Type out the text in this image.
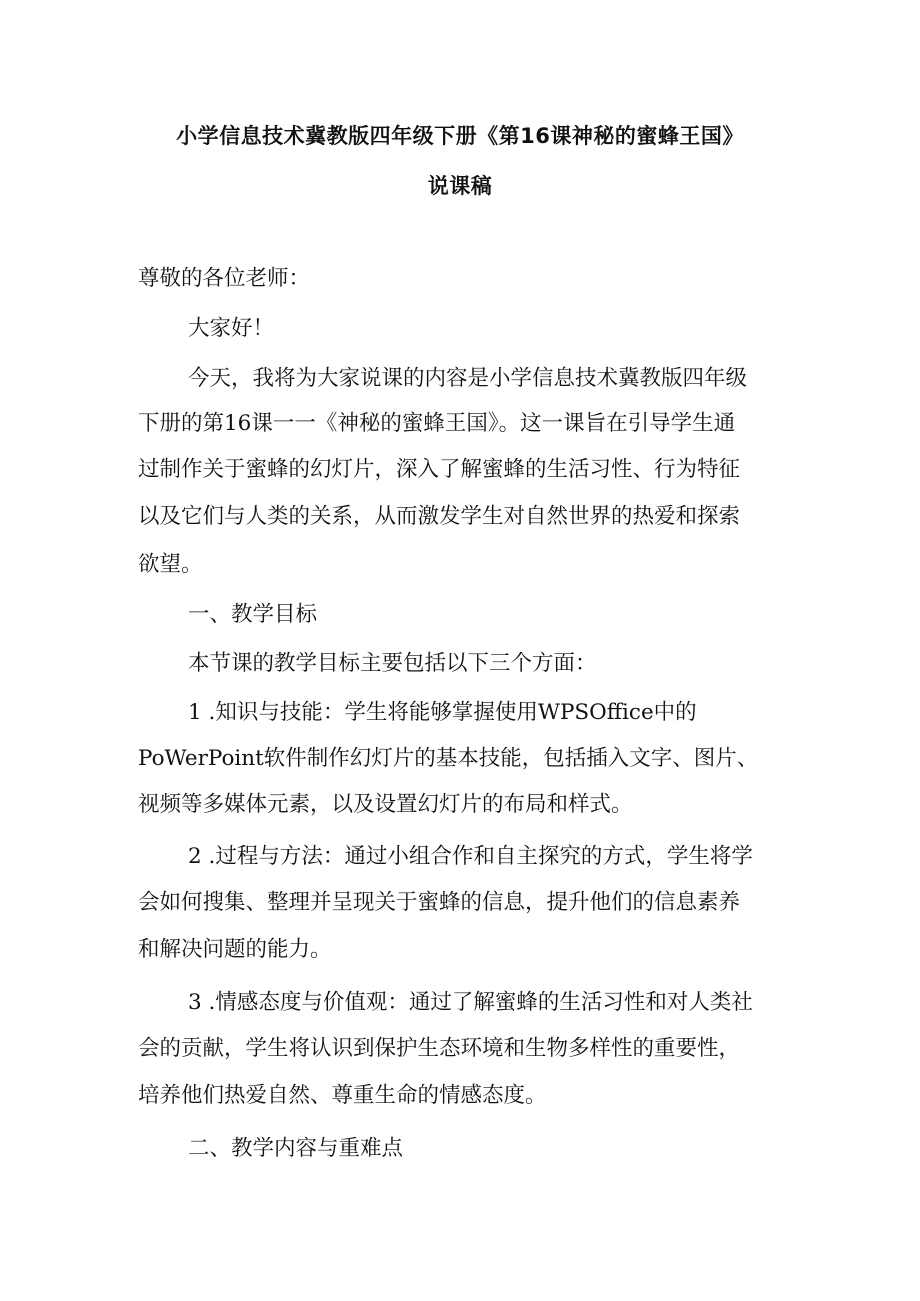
小学信息技术冀教版四年级下册《第16课神秘的蜜蜂王国》
说课稿
尊敬的各位老师：
大家好！
今天，我将为大家说课的内容是小学信息技术冀教版四年级
下册的第16课一一《神秘的蜜蜂王国》。这一课旨在引导学生通
过制作关于蜜蜂的幻灯片，深入了解蜜蜂的生活习性、行为特征
以及它们与人类的关系，从而激发学生对自然世界的热爱和探索
欲望。
一、教学目标
本节课的教学目标主要包括以下三个方面：
1 .知识与技能：学生将能够掌握使用WPSOffice中的
PoWerPoint软件制作幻灯片的基本技能，包括插入文字、图片、
视频等多媒体元素，以及设置幻灯片的布局和样式。
2 .过程与方法：通过小组合作和自主探究的方式，学生将学
会如何搜集、整理并呈现关于蜜蜂的信息，提升他们的信息素养
和解决问题的能力。
3 .情感态度与价值观：通过了解蜜蜂的生活习性和对人类社
会的贡献，学生将认识到保护生态环境和生物多样性的重要性，
培养他们热爱自然、尊重生命的情感态度。
二、教学内容与重难点
